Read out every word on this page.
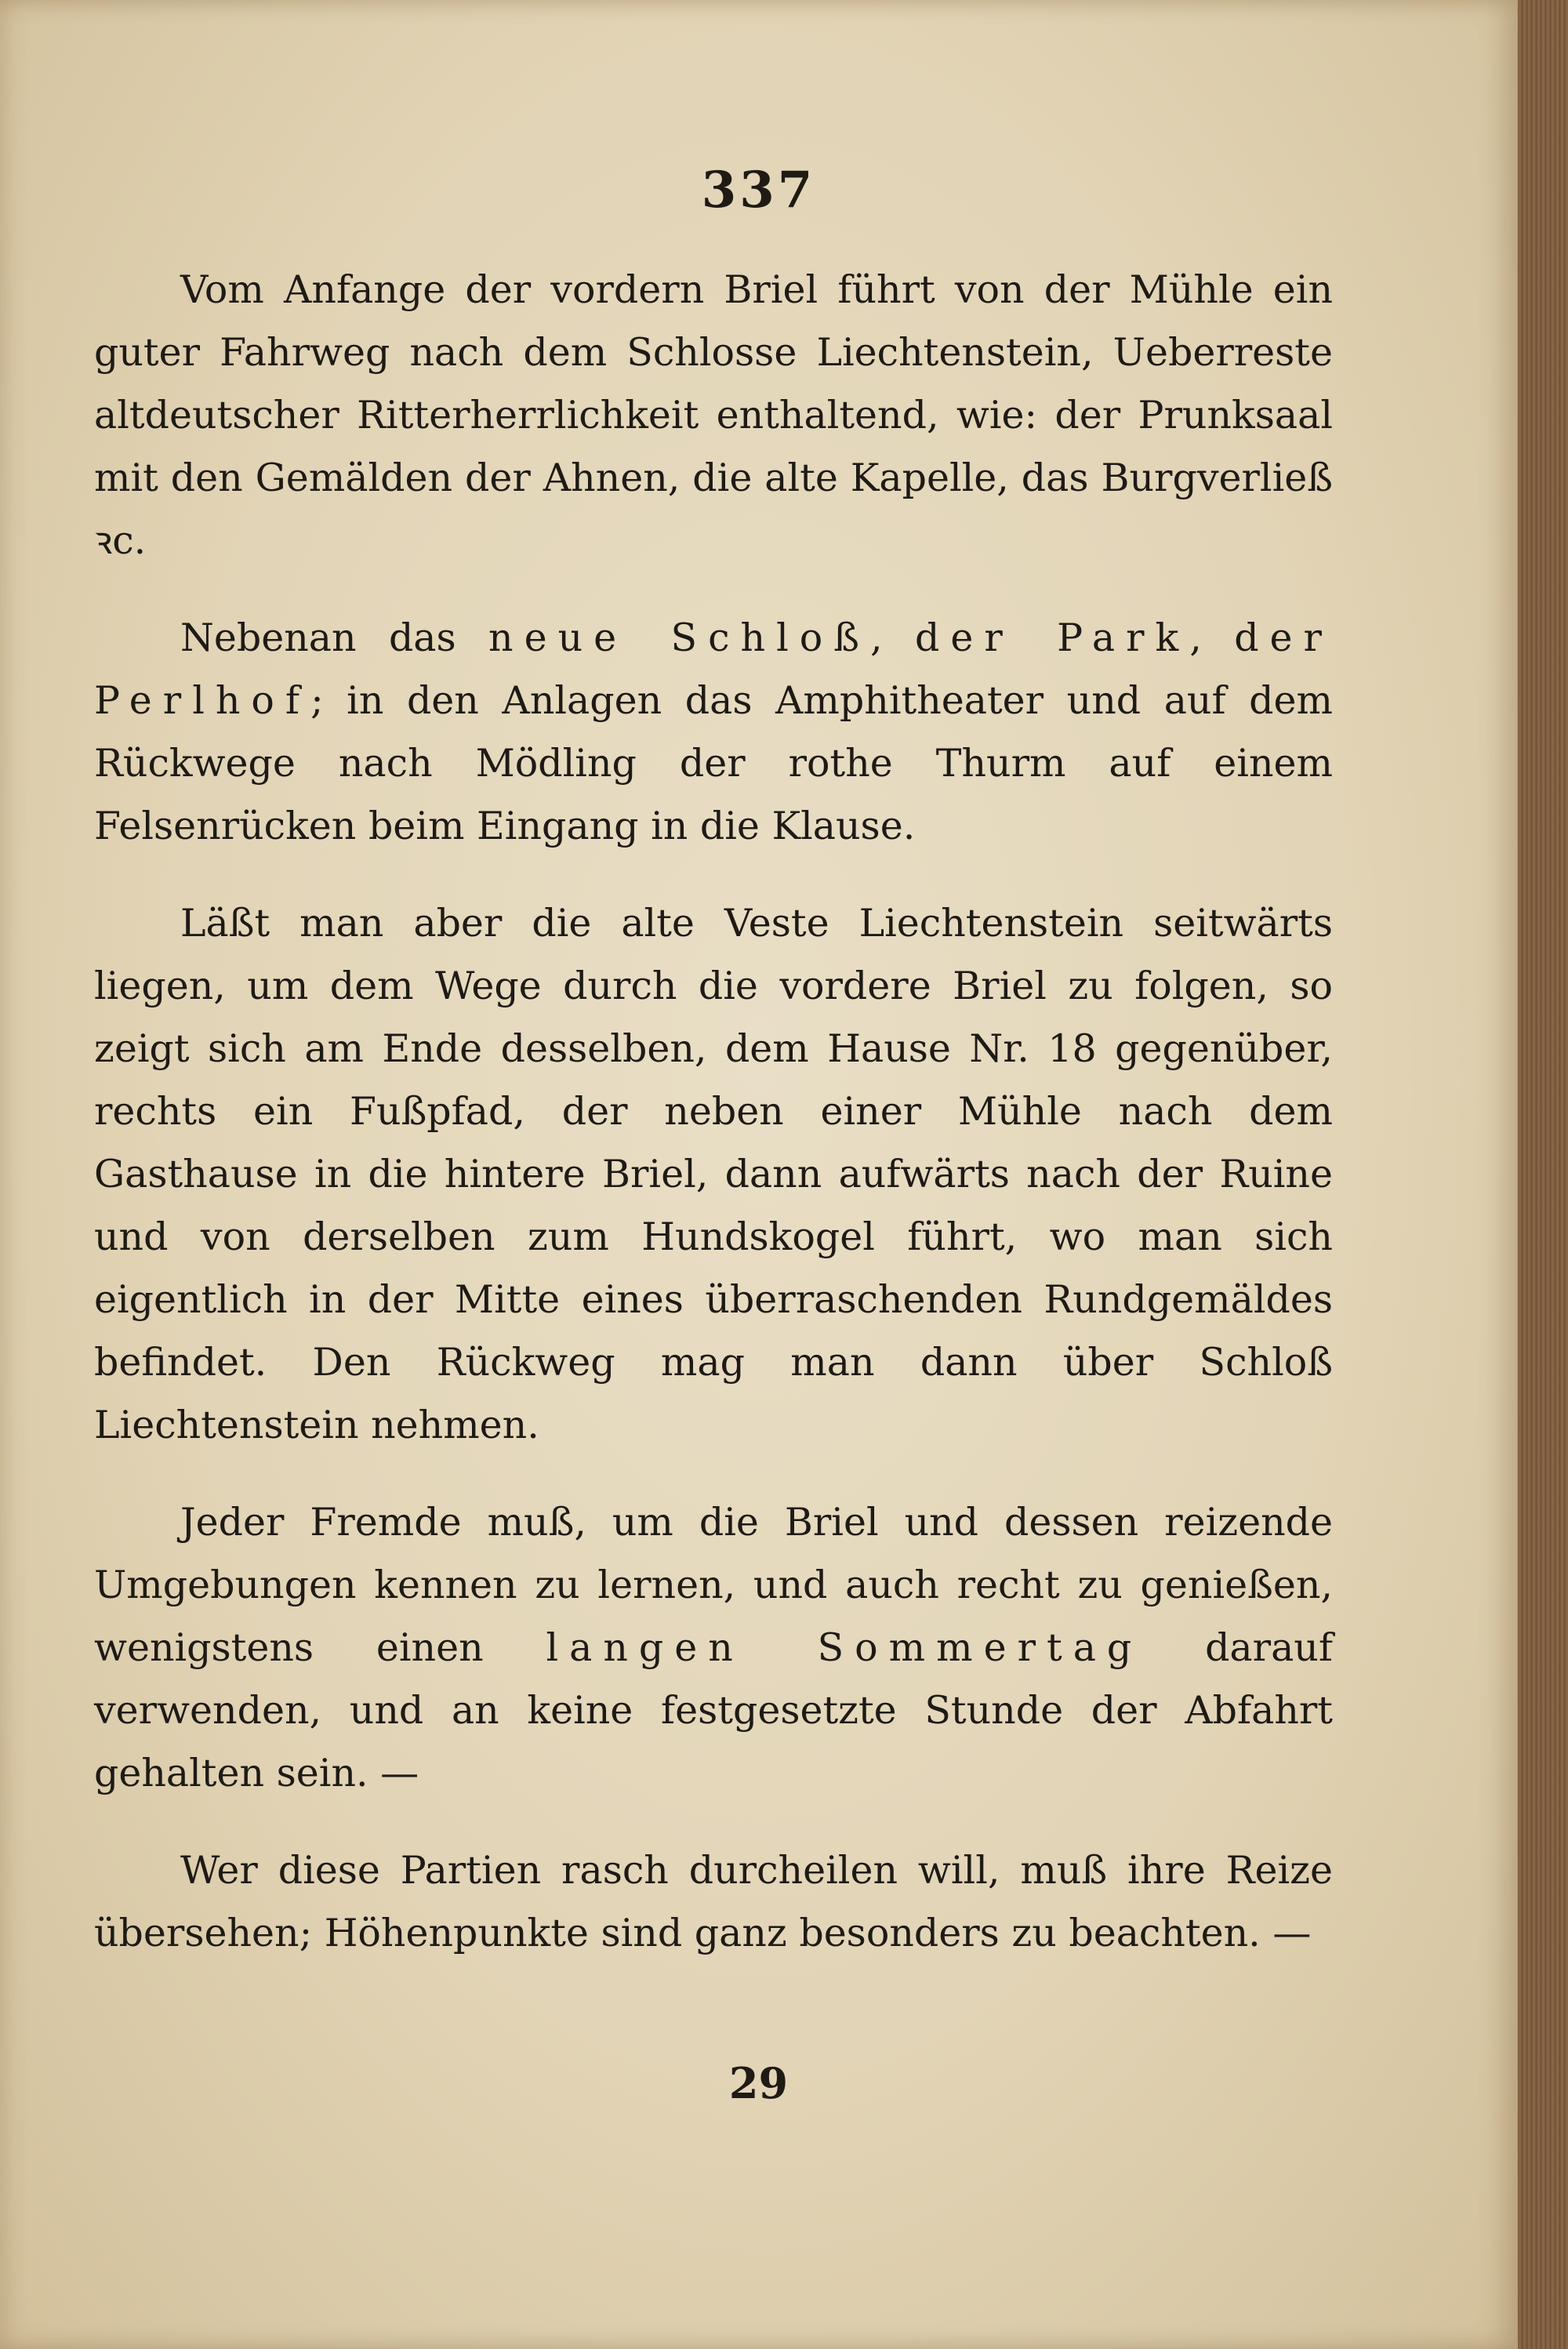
337

Vom Anfange der vordern Briel führt von der Mühle ein guter Fahrweg nach dem Schlosse Liechtenstein, Ueberreste altdeutscher Ritterherrlichkeit enthaltend, wie: der Prunksaal mit den Gemälden der Ahnen, die alte Kapelle, das Burgverließ ꝛc.

Nebenan das neue Schloß, der Park, der Perlhof; in den Anlagen das Amphitheater und auf dem Rückwege nach Mödling der rothe Thurm auf einem Felsenrücken beim Eingang in die Klause.

Läßt man aber die alte Veste Liechtenstein seitwärts liegen, um dem Wege durch die vordere Briel zu folgen, so zeigt sich am Ende desselben, dem Hause Nr. 18 gegenüber, rechts ein Fußpfad, der neben einer Mühle nach dem Gasthause in die hintere Briel, dann aufwärts nach der Ruine und von derselben zum Hundskogel führt, wo man sich eigentlich in der Mitte eines überraschenden Rundgemäldes befindet. Den Rückweg mag man dann über Schloß Liechtenstein nehmen.

Jeder Fremde muß, um die Briel und dessen reizende Umgebungen kennen zu lernen, und auch recht zu genießen, wenigstens einen langen Sommertag darauf verwenden, und an keine festgesetzte Stunde der Abfahrt gehalten sein. —

Wer diese Partien rasch durcheilen will, muß ihre Reize übersehen; Höhenpunkte sind ganz besonders zu beachten. —

29
